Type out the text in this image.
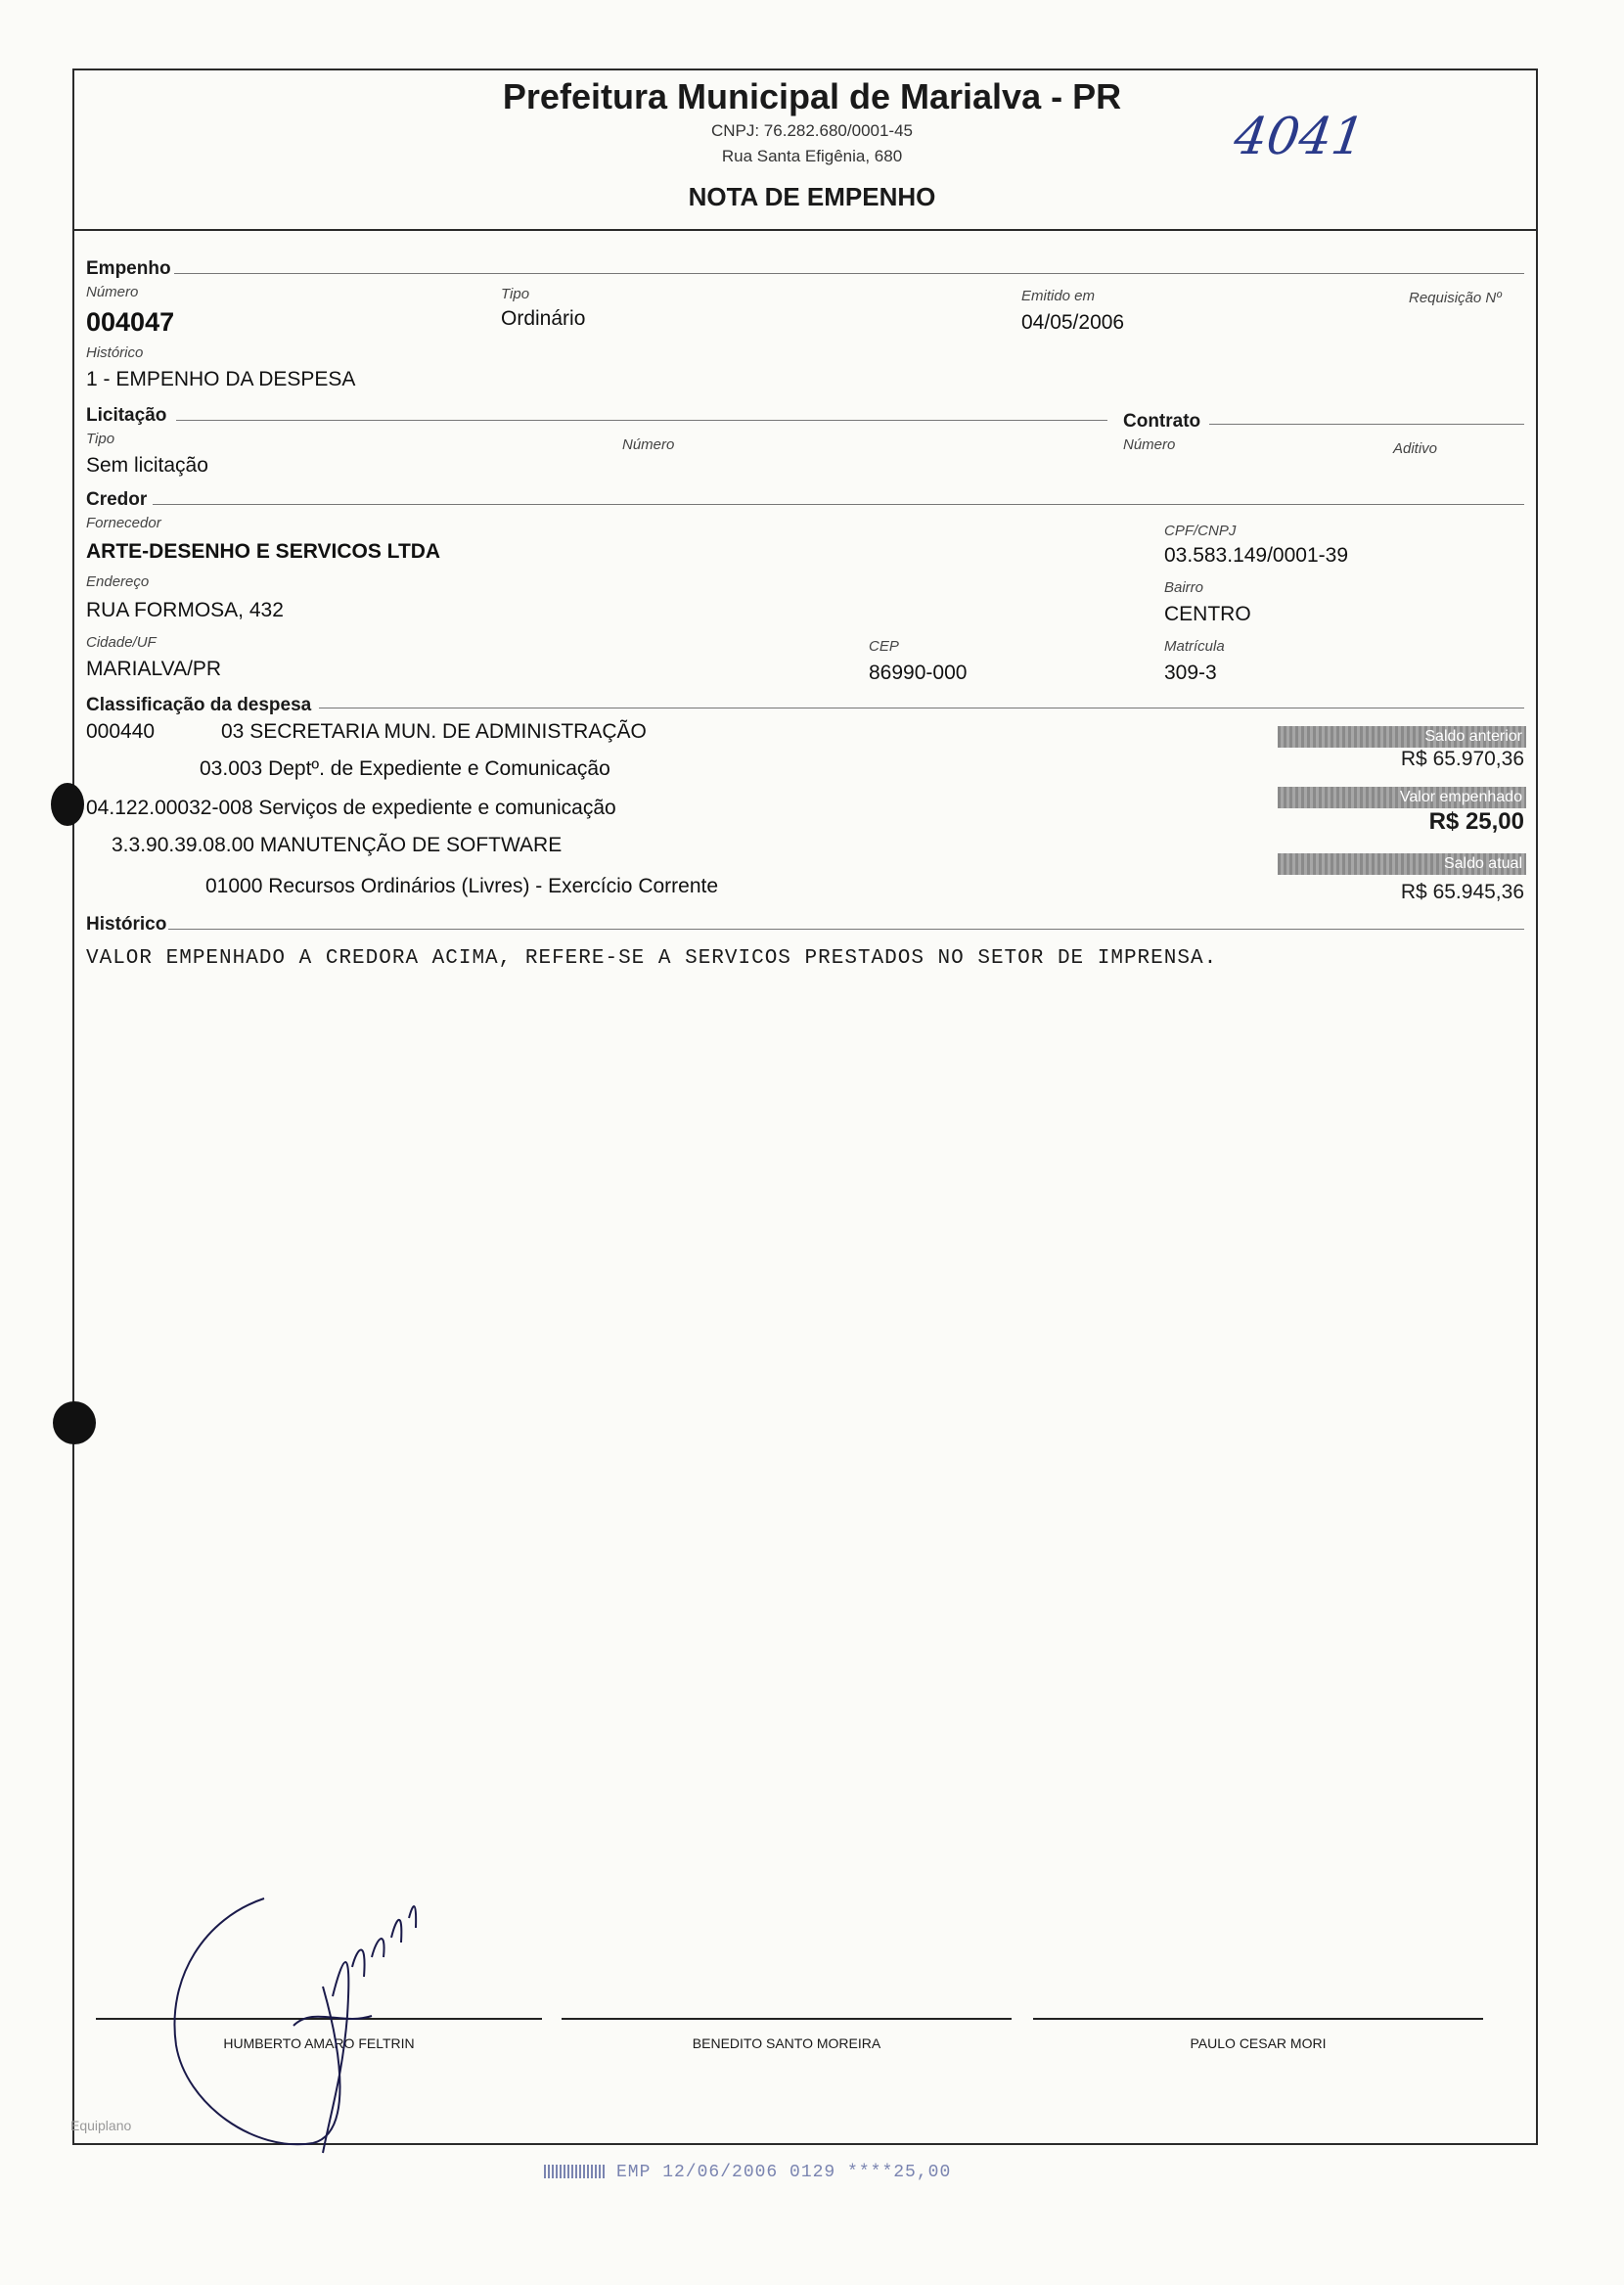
Prefeitura Municipal de Marialva - PR
CNPJ: 76.282.680/0001-45
Rua Santa Efigênia, 680
NOTA DE EMPENHO
4041
Empenho
Número
004047
Tipo
Ordinário
Emitido em
04/05/2006
Requisição Nº
Histórico
1 - EMPENHO DA DESPESA
Licitação	Contrato
Tipo
Sem licitação
Número	Número	Aditivo
Credor
Fornecedor
ARTE-DESENHO E SERVICOS LTDA
CPF/CNPJ
03.583.149/0001-39
Endereço
RUA FORMOSA, 432
Bairro
CENTRO
Cidade/UF
MARIALVA/PR
CEP
86990-000
Matrícula
309-3
Classificação da despesa
000440	03 SECRETARIA MUN. DE ADMINISTRAÇÃO
03.003 Deptº. de Expediente e Comunicação
04.122.00032-008 Serviços de expediente e comunicação
3.3.90.39.08.00 MANUTENÇÃO DE SOFTWARE
01000 Recursos Ordinários (Livres) - Exercício Corrente
Saldo anterior
R$ 65.970,36
Valor empenhado
R$ 25,00
Saldo atual
R$ 65.945,36
Histórico
VALOR EMPENHADO A CREDORA ACIMA, REFERE-SE A SERVICOS PRESTADOS NO SETOR DE IMPRENSA.
HUMBERTO AMARO FELTRIN	BENEDITO SANTO MOREIRA	PAULO CESAR MORI
Equiplano
EMP 12/06/2006 0129 ****25,00
